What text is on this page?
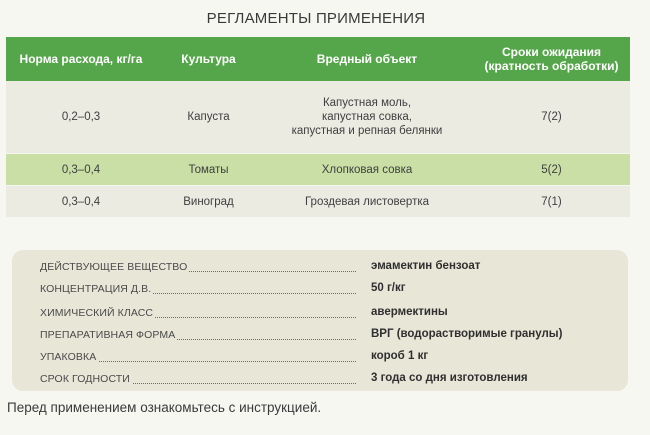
РЕГЛАМЕНТЫ ПРИМЕНЕНИЯ
Норма расхода, кг/га	Культура	Вредный объект	Сроки ожидания
(кратность обработки)
0,2–0,3	Капуста	Капустная моль,
капустная совка,
капустная и репная белянки	7(2)
0,3–0,4	Томаты	Хлопковая совка	5(2)
0,3–0,4	Виноград	Гроздевая листовертка	7(1)
ДЕЙСТВУЮЩЕЕ ВЕЩЕСТВО	эмамектин бензоат
КОНЦЕНТРАЦИЯ Д.В.	50 г/кг
ХИМИЧЕСКИЙ КЛАСС	авермектины
ПРЕПАРАТИВНАЯ ФОРМА	ВРГ (водорастворимые гранулы)
УПАКОВКА	короб 1 кг
СРОК ГОДНОСТИ	3 года со дня изготовления
Перед применением ознакомьтесь с инструкцией.
